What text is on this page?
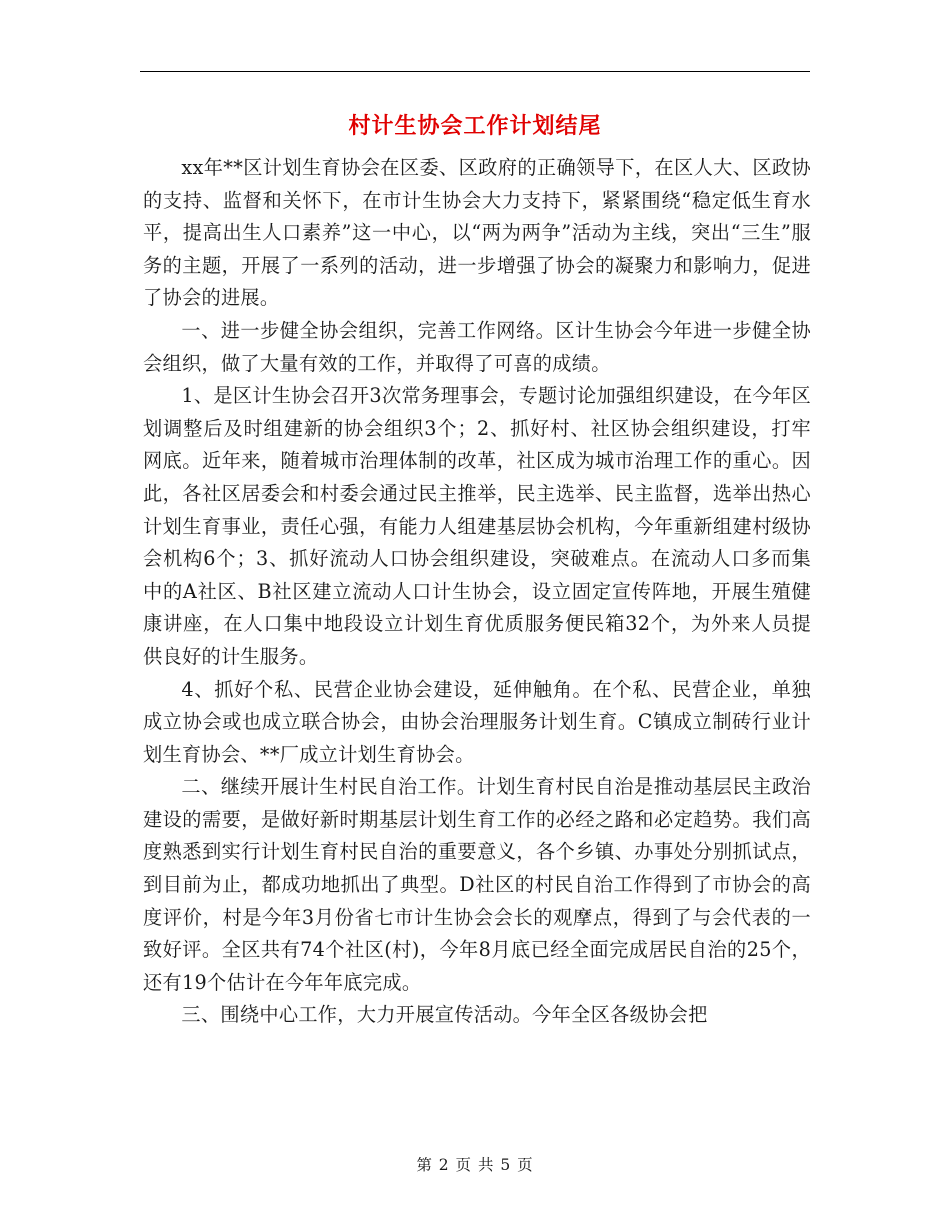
村计生协会工作计划结尾

xx年**区计划生育协会在区委、区政府的正确领导下，在区人大、区政协的支持、监督和关怀下，在市计生协会大力支持下，紧紧围绕“稳定低生育水平，提高出生人口素养”这一中心，以“两为两争”活动为主线，突出“三生”服务的主题，开展了一系列的活动，进一步增强了协会的凝聚力和影响力，促进了协会的进展。

一、进一步健全协会组织，完善工作网络。区计生协会今年进一步健全协会组织，做了大量有效的工作，并取得了可喜的成绩。

1、是区计生协会召开3次常务理事会，专题讨论加强组织建设，在今年区划调整后及时组建新的协会组织3个；2、抓好村、社区协会组织建设，打牢网底。近年来，随着城市治理体制的改革，社区成为城市治理工作的重心。因此，各社区居委会和村委会通过民主推举，民主选举、民主监督，选举出热心计划生育事业，责任心强，有能力人组建基层协会机构，今年重新组建村级协会机构6个；3、抓好流动人口协会组织建设，突破难点。在流动人口多而集中的A社区、B社区建立流动人口计生协会，设立固定宣传阵地，开展生殖健康讲座，在人口集中地段设立计划生育优质服务便民箱32个，为外来人员提供良好的计生服务。

4、抓好个私、民营企业协会建设，延伸触角。在个私、民营企业，单独成立协会或也成立联合协会，由协会治理服务计划生育。C镇成立制砖行业计划生育协会、**厂成立计划生育协会。

二、继续开展计生村民自治工作。计划生育村民自治是推动基层民主政治建设的需要，是做好新时期基层计划生育工作的必经之路和必定趋势。我们高度熟悉到实行计划生育村民自治的重要意义，各个乡镇、办事处分别抓试点，到目前为止，都成功地抓出了典型。D社区的村民自治工作得到了市协会的高度评价，村是今年3月份省七市计生协会会长的观摩点，得到了与会代表的一致好评。全区共有74个社区(村)，今年8月底已经全面完成居民自治的25个，还有19个估计在今年年底完成。

三、围绕中心工作，大力开展宣传活动。今年全区各级协会把

第 2 页 共 5 页
